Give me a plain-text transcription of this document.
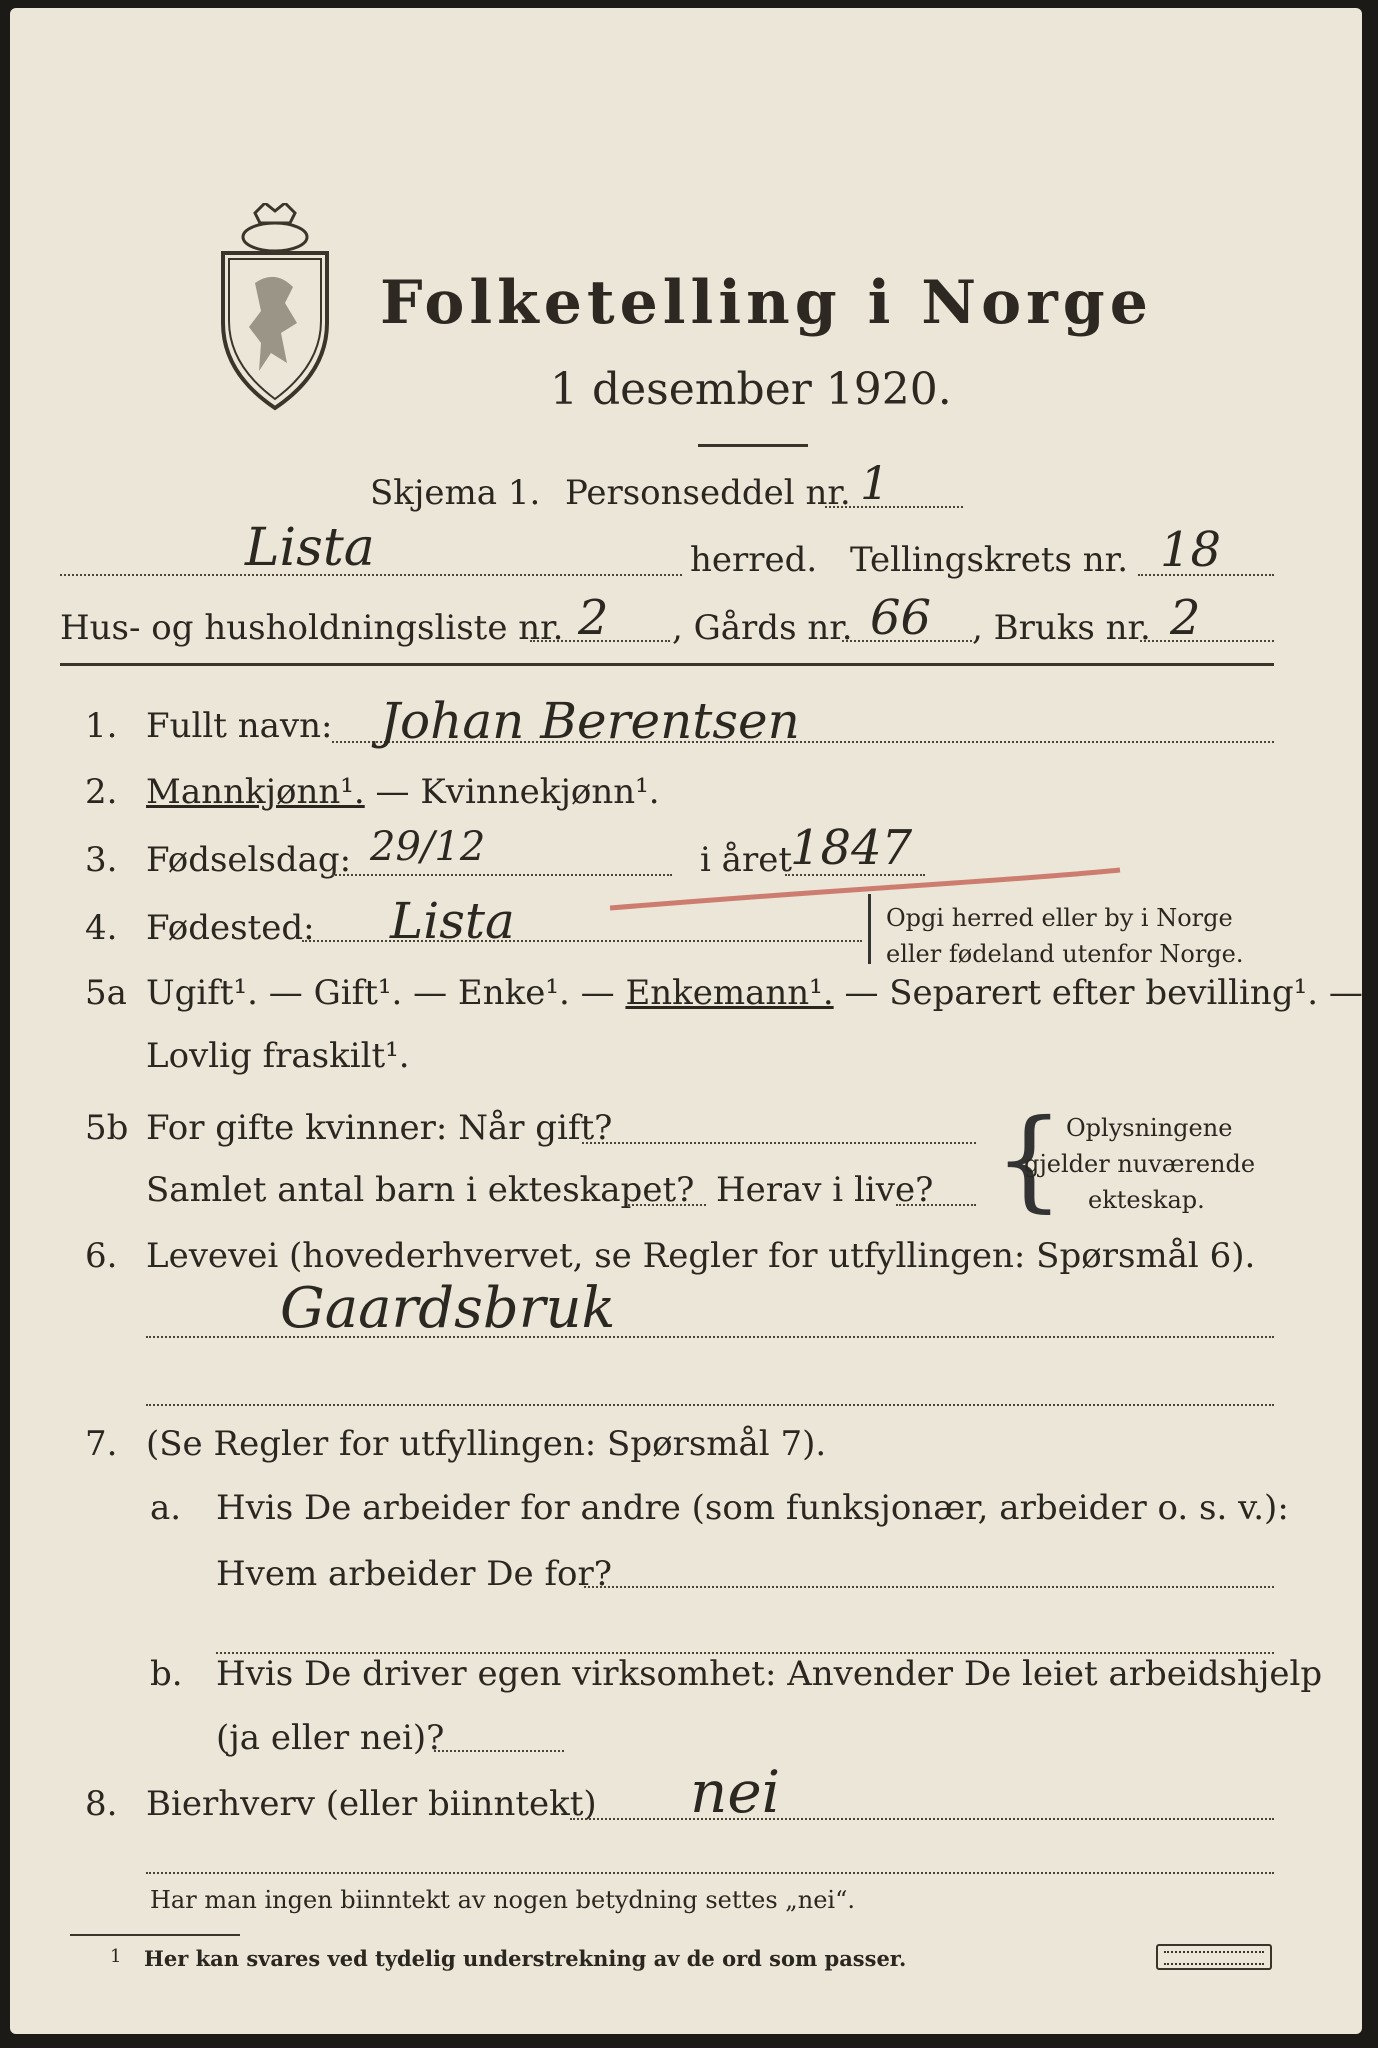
Folketelling i Norge
1 desember 1920.
Skjema 1. Personseddel nr. 1
Lista	herred. Tellingskrets nr. 18
Hus- og husholdningsliste nr. 2 , Gårds nr. 66 , Bruks nr. 2
1. Fullt navn: Johan Berentsen
2. Mannkjønn¹. — Kvinnekjønn¹.
3. Fødselsdag: 29/12	i året
1847
4. Fødested: Lista	Opgi herred eller by i Norge
eller fødeland utenfor Norge.
5a Ugift¹. — Gift¹. — Enke¹. — Enkemann¹. — Separert efter bevilling¹. —
Lovlig fraskilt¹.
5b For gifte kvinner: Når gift?
Samlet antal barn i ekteskapet? Herav i live? { Oplysningene
gjelder nuværende
ekteskap.
6. Levevei (hovederhvervet, se Regler for utfyllingen: Spørsmål 6).
Gaardsbruk
7. (Se Regler for utfyllingen: Spørsmål 7).
a. Hvis De arbeider for andre (som funksjonær, arbeider o. s. v.):
Hvem arbeider De for?
b. Hvis De driver egen virksomhet: Anvender De leiet arbeidshjelp
(ja eller nei)?
8. Bierhverv (eller biinntekt) nei
Har man ingen biinntekt av nogen betydning settes „nei“.
1 Her kan svares ved tydelig understrekning av de ord som passer.
